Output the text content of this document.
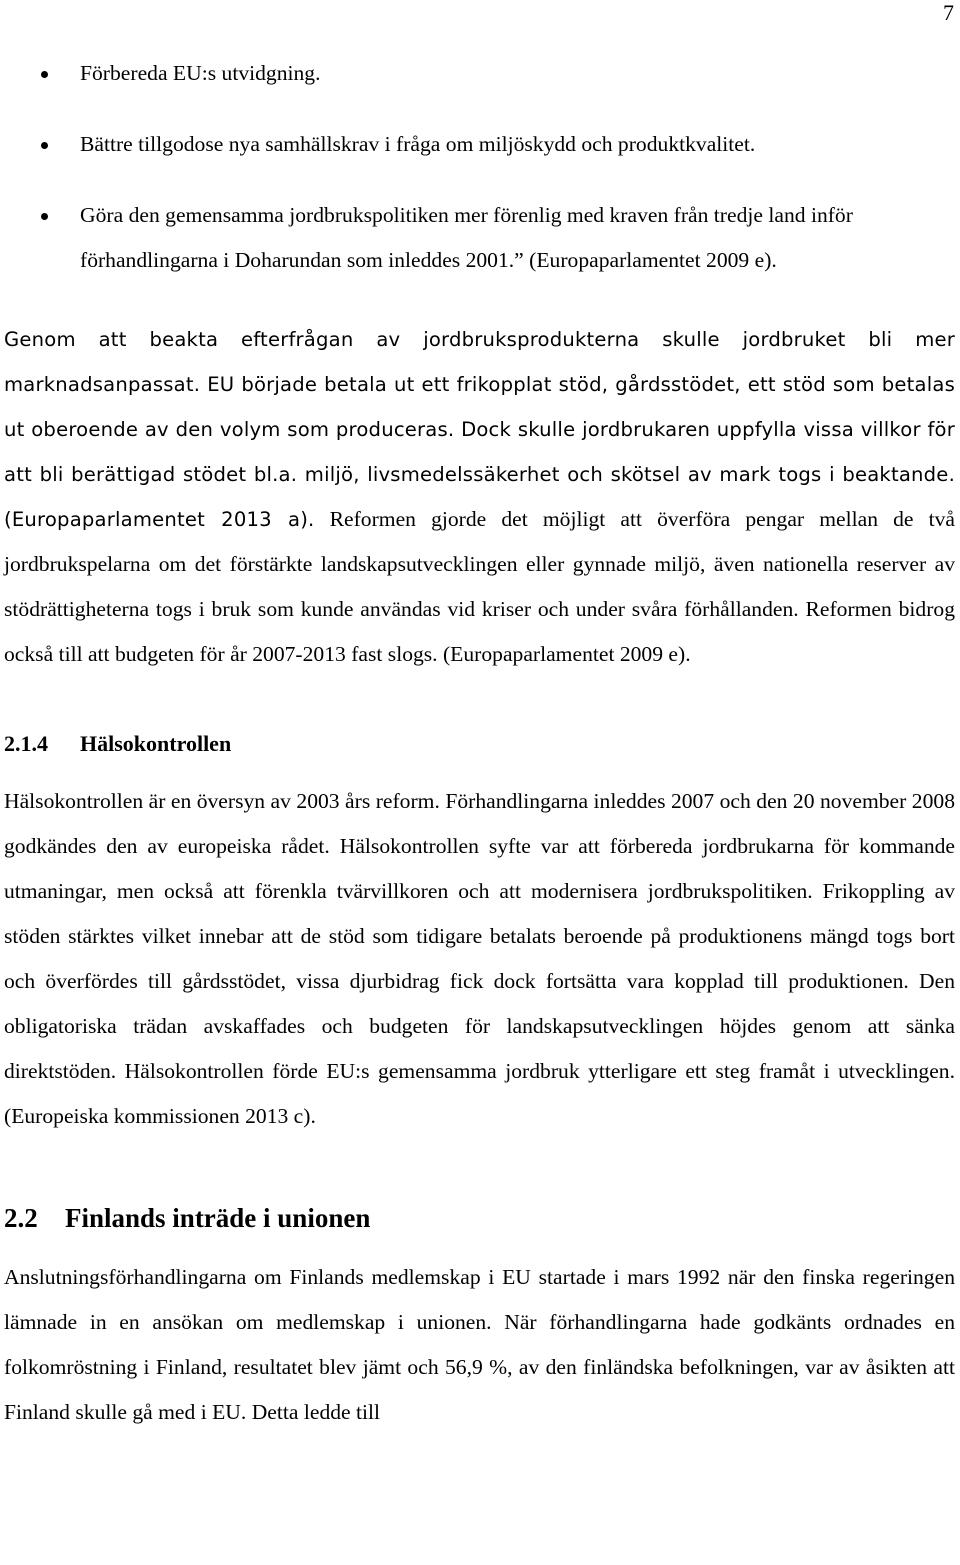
7
Förbereda EU:s utvidgning.
Bättre tillgodose nya samhällskrav i fråga om miljöskydd och produktkvalitet.
Göra den gemensamma jordbrukspolitiken mer förenlig med kraven från tredje land inför förhandlingarna i Doharundan som inleddes 2001.” (Europaparlamentet 2009 e).

Genom att beakta efterfrågan av jordbruksprodukterna skulle jordbruket bli mer marknadsanpassat. EU började betala ut ett frikopplat stöd, gårdsstödet, ett stöd som betalas ut oberoende av den volym som produceras. Dock skulle jordbrukaren uppfylla vissa villkor för att bli berättigad stödet bl.a. miljö, livsmedelssäkerhet och skötsel av mark togs i beaktande. (Europaparlamentet 2013 a). Reformen gjorde det möjligt att överföra pengar mellan de två jordbrukspelarna om det förstärkte landskapsutvecklingen eller gynnade miljö, även nationella reserver av stödrättigheterna togs i bruk som kunde användas vid kriser och under svåra förhållanden. Reformen bidrog också till att budgeten för år 2007-2013 fast slogs. (Europaparlamentet 2009 e).

2.1.4 Hälsokontrollen

Hälsokontrollen är en översyn av 2003 års reform. Förhandlingarna inleddes 2007 och den 20 november 2008 godkändes den av europeiska rådet. Hälsokontrollen syfte var att förbereda jordbrukarna för kommande utmaningar, men också att förenkla tvärvillkoren och att modernisera jordbrukspolitiken. Frikoppling av stöden stärktes vilket innebar att de stöd som tidigare betalats beroende på produktionens mängd togs bort och överfördes till gårdsstödet, vissa djurbidrag fick dock fortsätta vara kopplad till produktionen. Den obligatoriska trädan avskaffades och budgeten för landskapsutvecklingen höjdes genom att sänka direktstöden. Hälsokontrollen förde EU:s gemensamma jordbruk ytterligare ett steg framåt i utvecklingen. (Europeiska kommissionen 2013 c).

2.2 Finlands inträde i unionen

Anslutningsförhandlingarna om Finlands medlemskap i EU startade i mars 1992 när den finska regeringen lämnade in en ansökan om medlemskap i unionen. När förhandlingarna hade godkänts ordnades en folkomröstning i Finland, resultatet blev jämt och 56,9 %, av den finländska befolkningen, var av åsikten att Finland skulle gå med i EU. Detta ledde till
